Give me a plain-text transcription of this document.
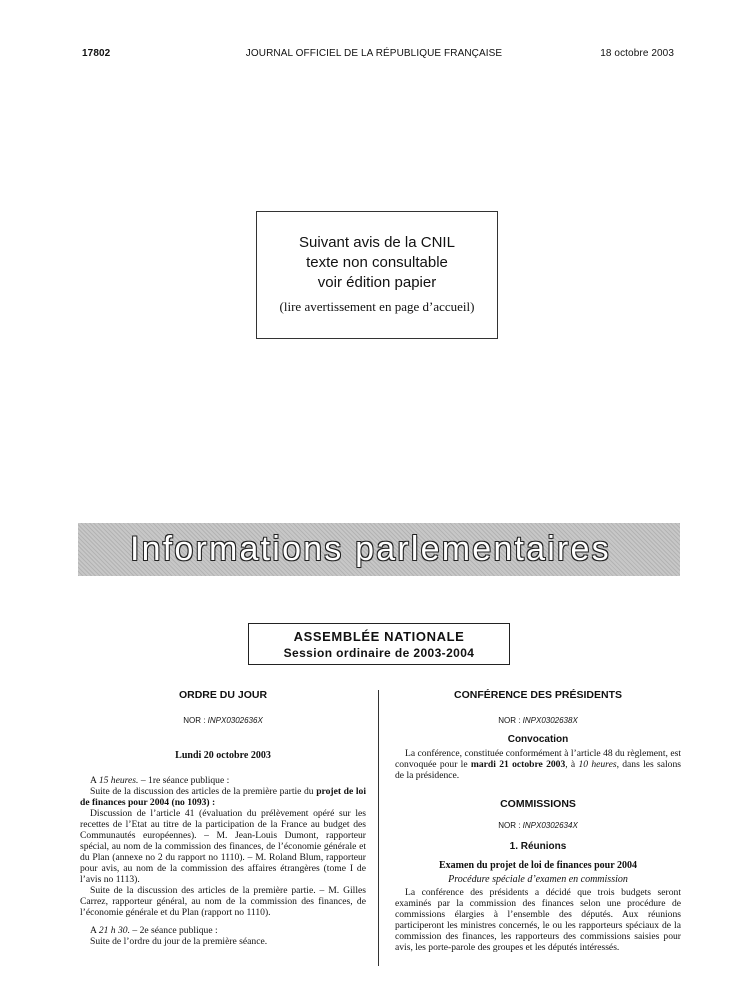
17802	JOURNAL OFFICIEL DE LA RÉPUBLIQUE FRANÇAISE	18 octobre 2003
Suivant avis de la CNIL
texte non consultable
voir édition papier
(lire avertissement en page d’accueil)
Informations parlementaires
ASSEMBLÉE NATIONALE
Session ordinaire de 2003-2004
ORDRE DU JOUR
NOR : INPX0302636X
Lundi 20 octobre 2003

A 15 heures. – 1re séance publique :

Suite de la discussion des articles de la première partie du projet de loi de finances pour 2004 (no 1093) :

Discussion de l’article 41 (évaluation du prélèvement opéré sur les recettes de l’Etat au titre de la participation de la France au budget des Communautés européennes). – M. Jean-Louis Dumont, rapporteur spécial, au nom de la commission des finances, de l’économie générale et du Plan (annexe no 2 du rapport no 1110). – M. Roland Blum, rapporteur pour avis, au nom de la commission des affaires étrangères (tome I de l’avis no 1113).

Suite de la discussion des articles de la première partie. – M. Gilles Carrez, rapporteur général, au nom de la commission des finances, de l’économie générale et du Plan (rapport no 1110).

A 21 h 30. – 2e séance publique :

Suite de l’ordre du jour de la première séance.

CONFÉRENCE DES PRÉSIDENTS
NOR : INPX0302638X
Convocation

La conférence, constituée conformément à l’article 48 du règlement, est convoquée pour le mardi 21 octobre 2003, à 10 heures, dans les salons de la présidence.

COMMISSIONS
NOR : INPX0302634X
1. Réunions
Examen du projet de loi de finances pour 2004
Procédure spéciale d’examen en commission

La conférence des présidents a décidé que trois budgets seront examinés par la commission des finances selon une procédure de commissions élargies à l’ensemble des députés. Aux réunions participeront les ministres concernés, le ou les rapporteurs spéciaux de la commission des finances, les rapporteurs des commissions saisies pour avis, les porte-parole des groupes et les députés intéressés.
